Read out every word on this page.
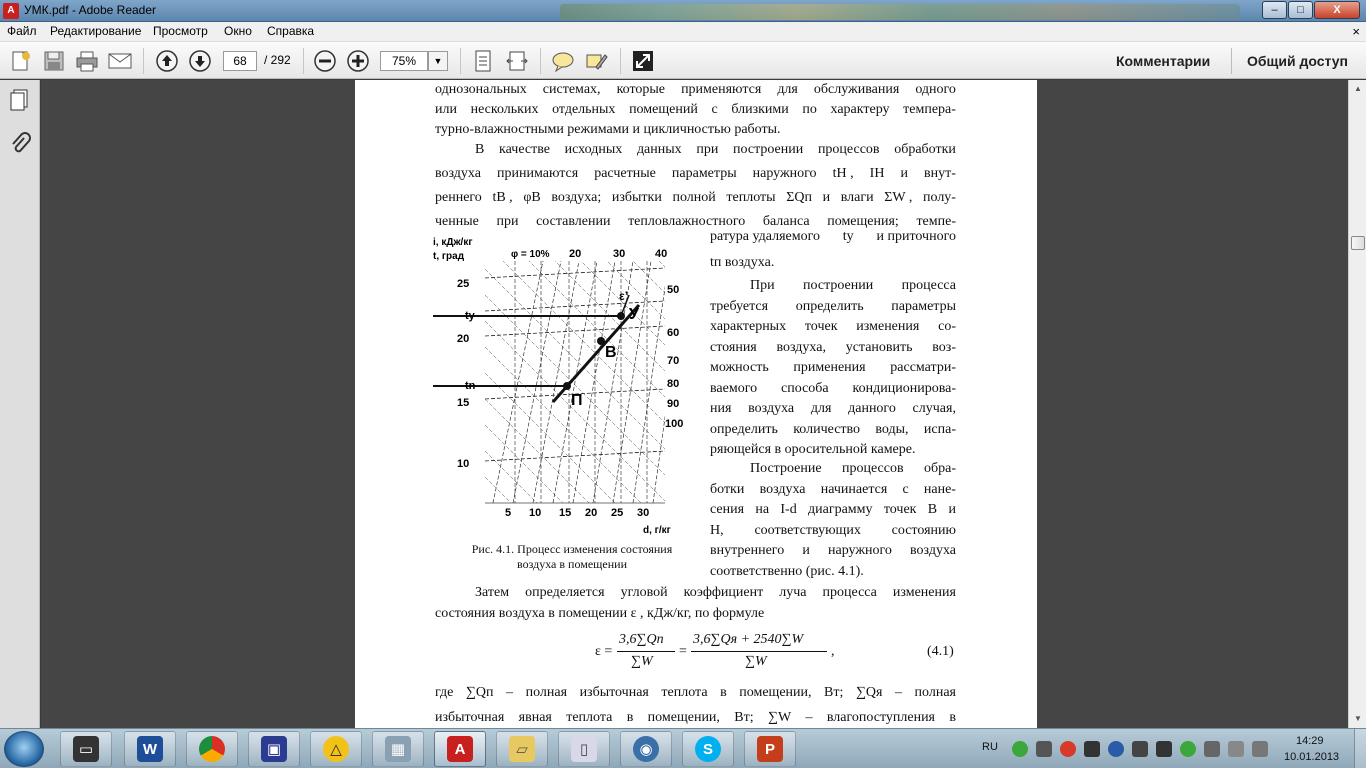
A УМК.pdf - Adobe Reader	‒	□	X
Файл Редактирование Просмотр Окно Справка	×
68	/ 292	75%	▼	Комментарии	Общий доступ
однозональных системах, которые применяются для обслуживания одного
или нескольких отдельных помещений с близкими по характеру темпера-
турно-влажностными режимами и цикличностью работы.
В качестве исходных данных при построении процессов обработки
воздуха принимаются расчетные параметры наружного tН , IН и внут-
реннего tВ , φВ воздуха; избытки полной теплоты ΣQп и влаги ΣW , полу-
ченные при составлении тепловлажностного баланса помещения; темпе-
ратура удаляемого tу и приточного
tп воздуха.
При построении процесса
требуется определить параметры
характерных точек изменения со-
стояния воздуха, установить воз-
можность применения рассматри-
ваемого способа кондиционирова-
ния воздуха для данного случая,
определить количество воды, испа-
ряющейся в оросительной камере.
Построение процессов обра-
ботки воздуха начинается с нане-
сения на I-d диаграмму точек В и
Н, соответствующих состоянию
внутреннего и наружного воздуха
соответственно (рис. 4.1).
Затем определяется угловой коэффициент луча процесса изменения
состояния воздуха в помещении ε , кДж/кг, по формуле
где ∑Qп – полная избыточная теплота в помещении, Вт; ∑Qя – полная
избыточная явная теплота в помещении, Вт; ∑W – влагопоступления в
i, кДж/кг
t, град	φ = 10% 20	30	40
50
60
70
80
90
100
25
ty
20
tn
15
10
5 10 15 20 25 30
d, г/кг
ε’
У
В
П
Рис. 4.1. Процесс изменения состояния
воздуха в помещении
ε =
3,6∑Qп
∑W
=
3,6∑Qя + 2540∑W
∑W
,	(4.1)
▲
▼
▭	W	▣	△	▦	A	▱	▯	◉	S	P	RU	14:29
10.01.2013
